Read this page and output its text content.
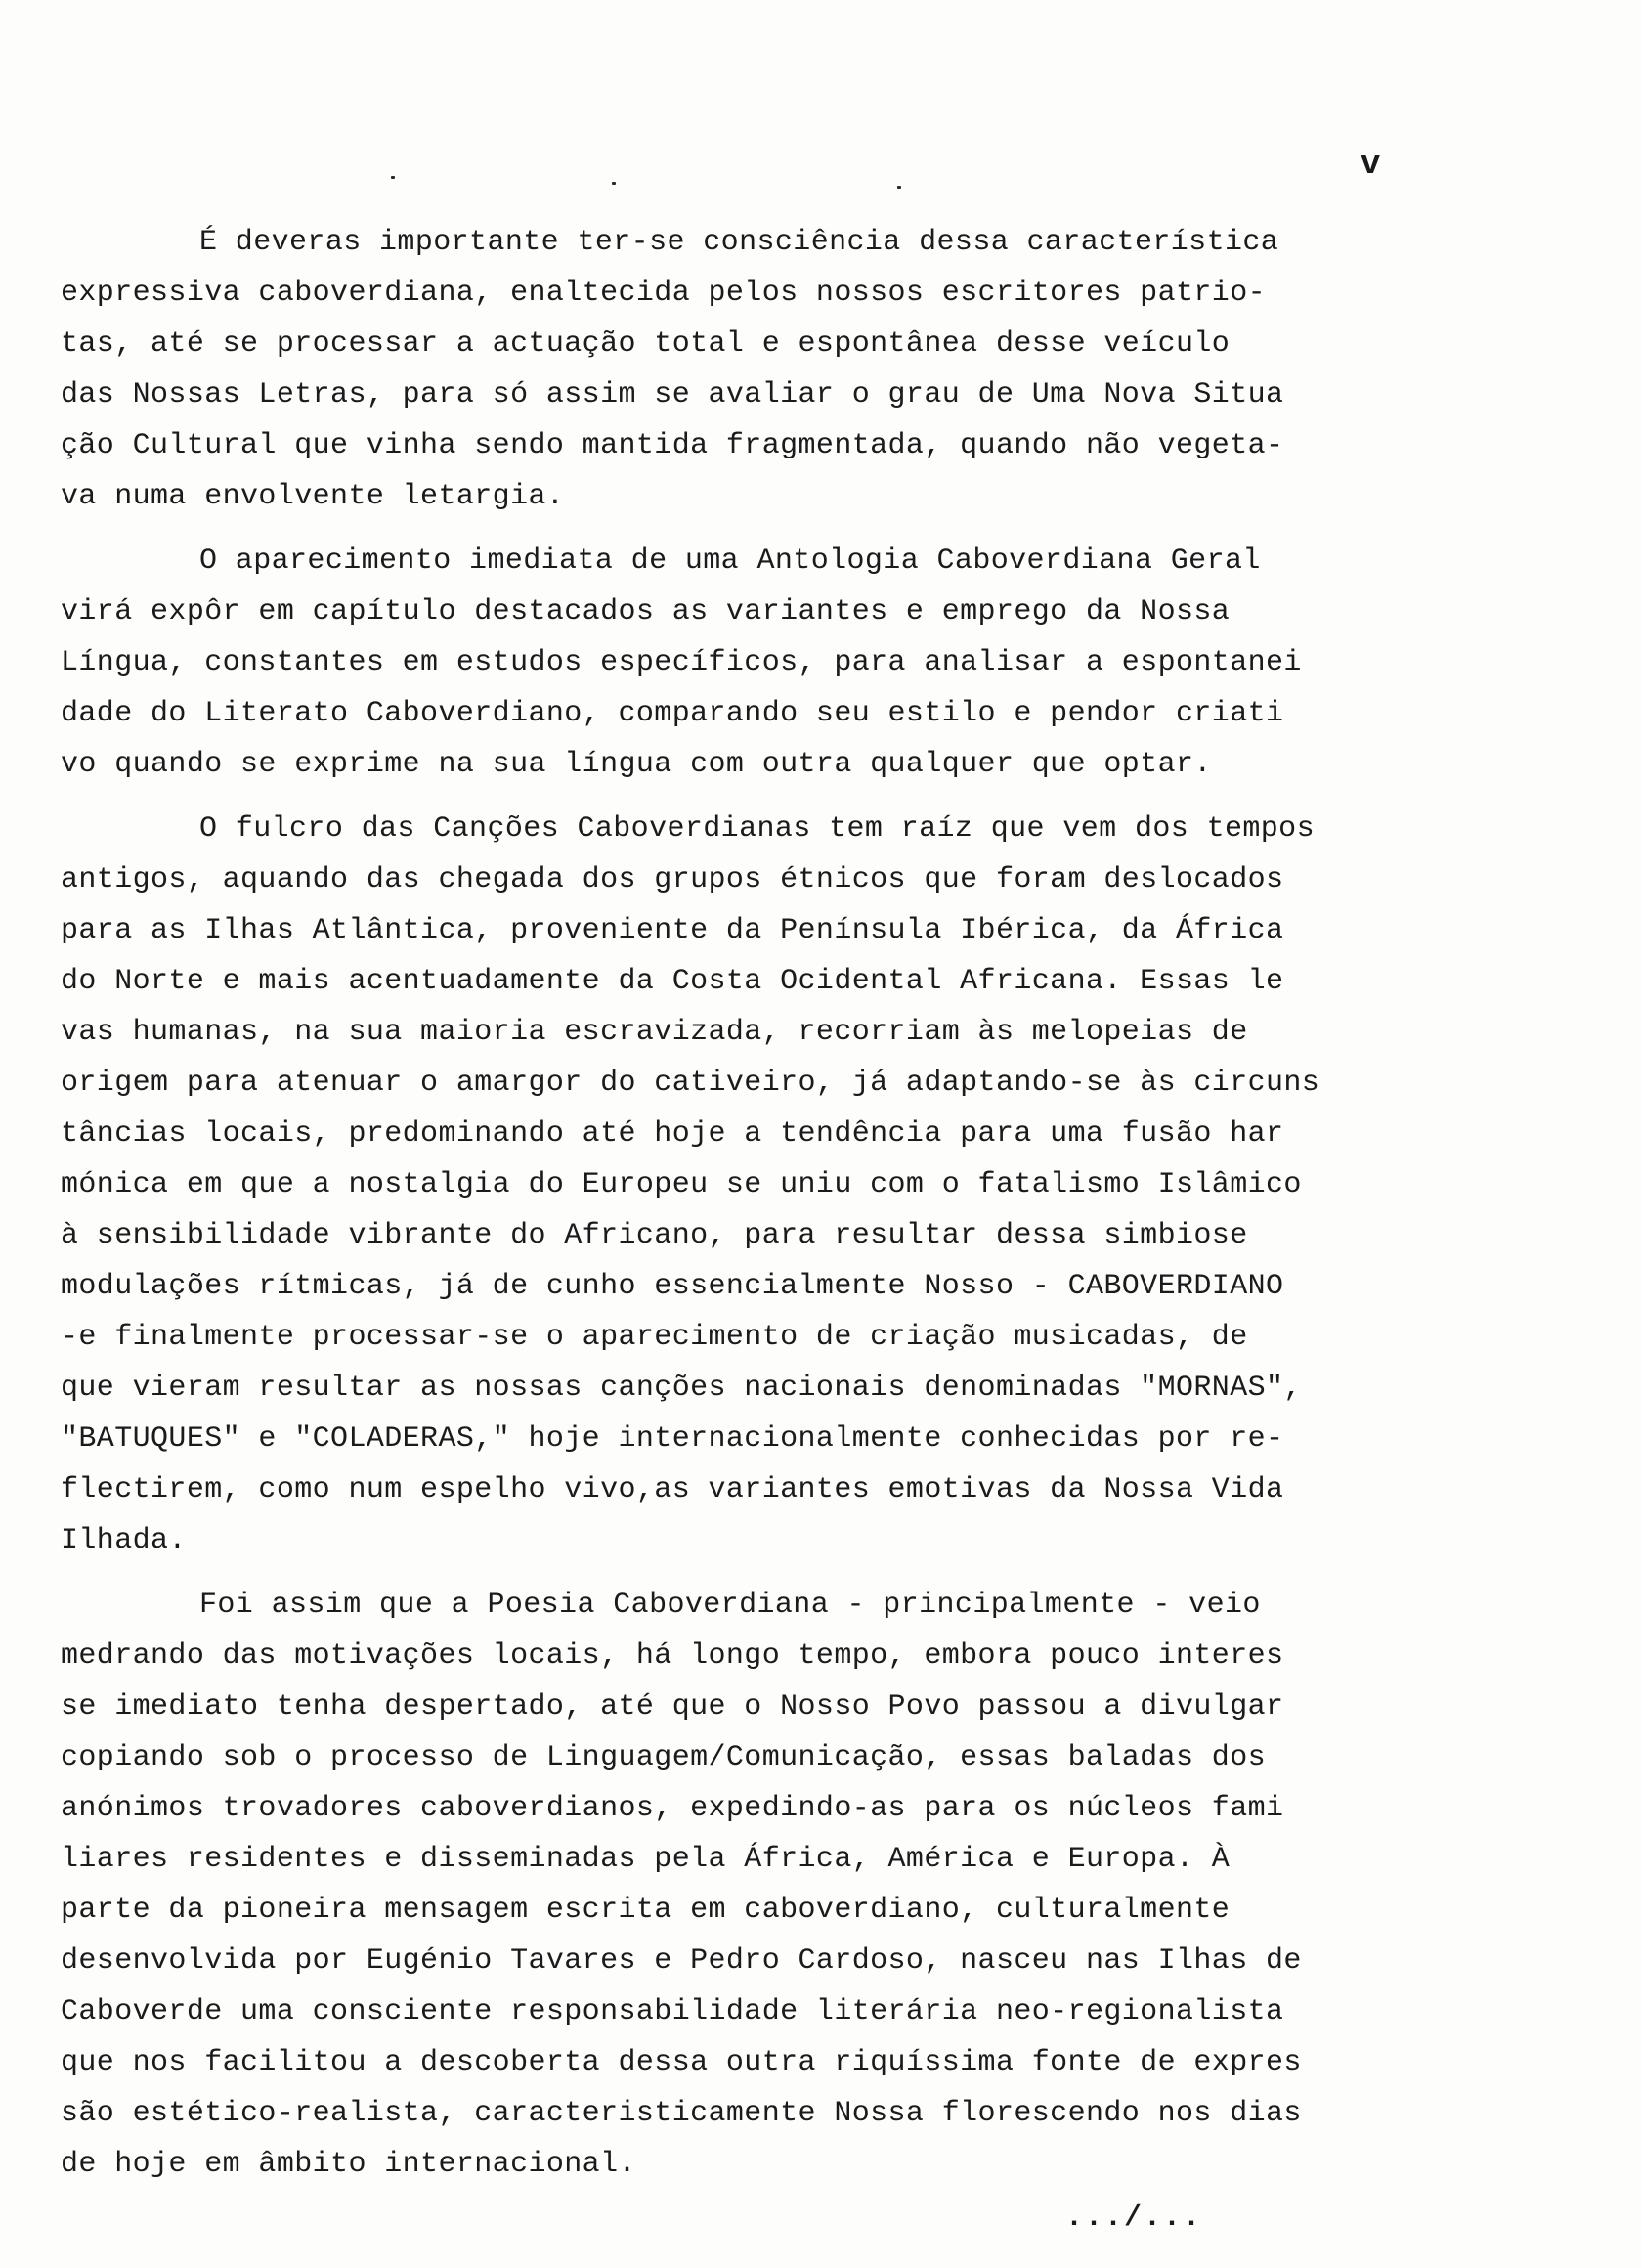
v

É deveras importante ter-se consciência dessa característica
expressiva caboverdiana, enaltecida pelos nossos escritores patrio-
tas, até se processar a actuação total e espontânea desse veículo
das Nossas Letras, para só assim se avaliar o grau de Uma Nova Situa
ção Cultural que vinha sendo mantida fragmentada, quando não vegeta-
va numa envolvente letargia.

O aparecimento imediata de uma Antologia Caboverdiana Geral
virá expôr em capítulo destacados as variantes e emprego da Nossa
Língua, constantes em estudos específicos, para analisar a espontanei
dade do Literato Caboverdiano, comparando seu estilo e pendor criati
vo quando se exprime na sua língua com outra qualquer que optar.

O fulcro das Canções Caboverdianas tem raíz que vem dos tempos
antigos, aquando das chegada dos grupos étnicos que foram deslocados
para as Ilhas Atlântica, proveniente da Península Ibérica, da África
do Norte e mais acentuadamente da Costa Ocidental Africana. Essas le
vas humanas, na sua maioria escravizada, recorriam às melopeias de
origem para atenuar o amargor do cativeiro, já adaptando-se às circuns
tâncias locais, predominando até hoje a tendência para uma fusão har
mónica em que a nostalgia do Europeu se uniu com o fatalismo Islâmico
à sensibilidade vibrante do Africano, para resultar dessa simbiose
modulações rítmicas, já de cunho essencialmente Nosso - CABOVERDIANO
-e finalmente processar-se o aparecimento de criação musicadas, de
que vieram resultar as nossas canções nacionais denominadas "MORNAS",
"BATUQUES" e "COLADERAS," hoje internacionalmente conhecidas por re-
flectirem, como num espelho vivo,as variantes emotivas da Nossa Vida
Ilhada.

Foi assim que a Poesia Caboverdiana - principalmente - veio
medrando das motivações locais, há longo tempo, embora pouco interes
se imediato tenha despertado, até que o Nosso Povo passou a divulgar
copiando sob o processo de Linguagem/Comunicação, essas baladas dos
anónimos trovadores caboverdianos, expedindo-as para os núcleos fami
liares residentes e disseminadas pela África, América e Europa. À
parte da pioneira mensagem escrita em caboverdiano, culturalmente
desenvolvida por Eugénio Tavares e Pedro Cardoso, nasceu nas Ilhas de
Caboverde uma consciente responsabilidade literária neo-regionalista
que nos facilitou a descoberta dessa outra riquíssima fonte de expres
são estético-realista, caracteristicamente Nossa florescendo nos dias
de hoje em âmbito internacional.

.../...
